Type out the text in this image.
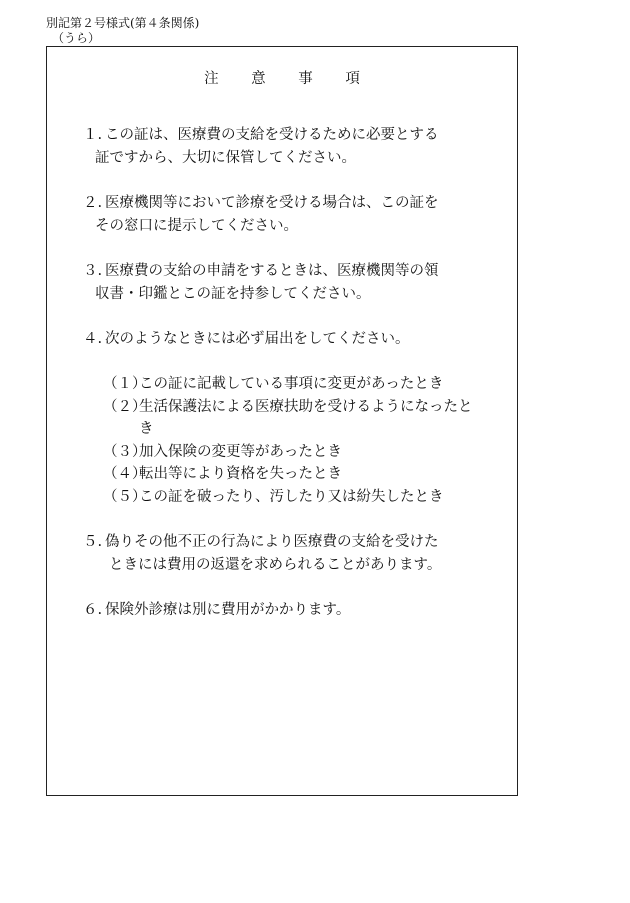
別記第２号様式(第４条関係)
（うら）
注 意 事 項
１. この証は、医療費の支給を受けるために必要とする
証ですから、大切に保管してください。
２. 医療機関等において診療を受ける場合は、この証を
その窓口に提示してください。
３. 医療費の支給の申請をするときは、医療機関等の領
収書・印鑑とこの証を持参してください。
４. 次のようなときには必ず届出をしてください。
（１）この証に記載している事項に変更があったとき
（２）生活保護法による医療扶助を受けるようになったと
き
（３）加入保険の変更等があったとき
（４）転出等により資格を失ったとき
（５）この証を破ったり、汚したり又は紛失したとき
５. 偽りその他不正の行為により医療費の支給を受けた
ときには費用の返還を求められることがあります。
６. 保険外診療は別に費用がかかります。
